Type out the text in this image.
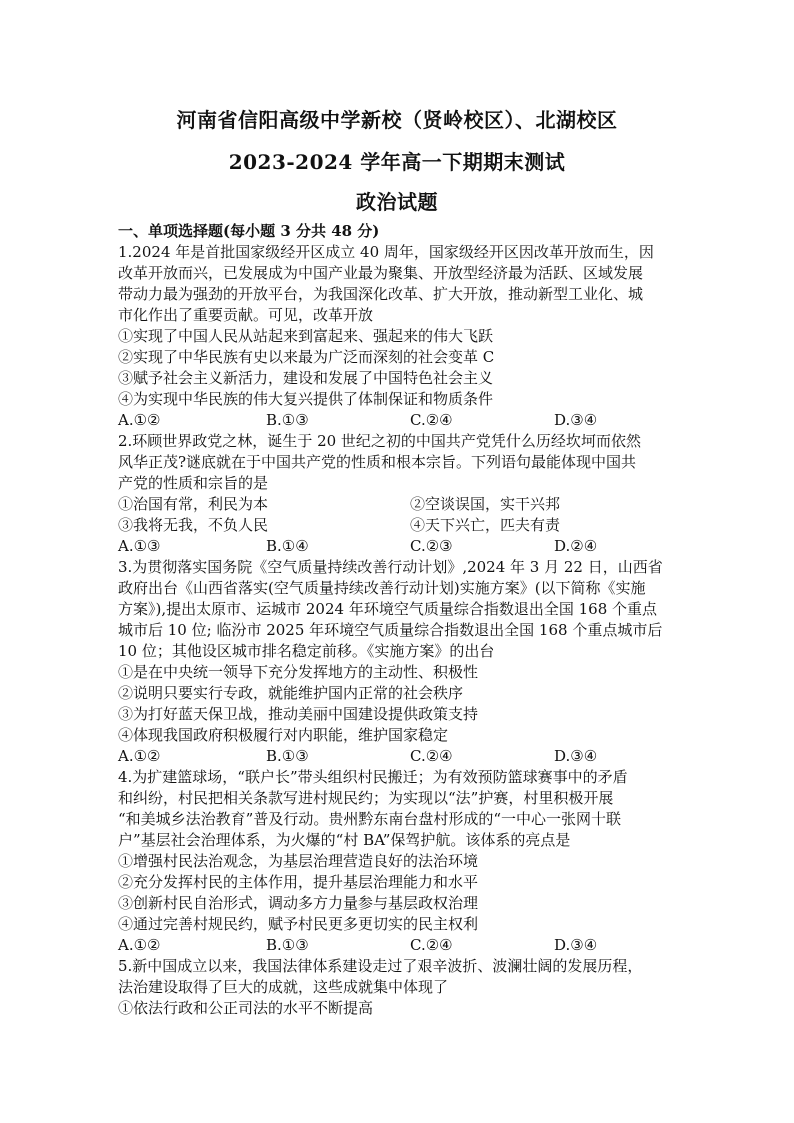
河南省信阳高级中学新校（贤岭校区）、北湖校区
2023-2024 学年高一下期期末测试
政治试题
一、单项选择题(每小题 3 分共 48 分)
1.2024 年是首批国家级经开区成立 40 周年，国家级经开区因改革开放而生，因
改革开放而兴，已发展成为中国产业最为聚集、开放型经济最为活跃、区域发展
带动力最为强劲的开放平台，为我国深化改革、扩大开放，推动新型工业化、城
市化作出了重要贡献。可见，改革开放
①实现了中国人民从站起来到富起来、强起来的伟大飞跃
②实现了中华民族有史以来最为广泛而深刻的社会变革 C
③赋予社会主义新活力，建设和发展了中国特色社会主义
④为实现中华民族的伟大复兴提供了体制保证和物质条件
A.①②	B.①③	C.②④	D.③④
2.环顾世界政党之林，诞生于 20 世纪之初的中国共产党凭什么历经坎坷而依然
风华正茂?谜底就在于中国共产党的性质和根本宗旨。下列语句最能体现中国共
产党的性质和宗旨的是
①治国有常，利民为本	②空谈误国，实干兴邦
③我将无我，不负人民	④天下兴亡，匹夫有责
A.①③	B.①④	C.②③	D.②④
3.为贯彻落实国务院《空气质量持续改善行动计划》,2024 年 3 月 22 日，山西省
政府出台《山西省落实(空气质量持续改善行动计划)实施方案》(以下简称《实施
方案》),提出太原市、运城市 2024 年环境空气质量综合指数退出全国 168 个重点
城市后 10 位; 临汾市 2025 年环境空气质量综合指数退出全国 168 个重点城市后
10 位；其他设区城市排名稳定前移。《实施方案》的出台
①是在中央统一领导下充分发挥地方的主动性、积极性
②说明只要实行专政，就能维护国内正常的社会秩序
③为打好蓝天保卫战，推动美丽中国建设提供政策支持
④体现我国政府积极履行对内职能，维护国家稳定
A.①②	B.①③	C.②④	D.③④
4.为扩建篮球场，“联户长”带头组织村民搬迁；为有效预防篮球赛事中的矛盾
和纠纷，村民把相关条款写进村规民约；为实现以“法”护赛，村里积极开展
“和美城乡法治教育”普及行动。贵州黔东南台盘村形成的“一中心一张网十联
户”基层社会治理体系，为火爆的“村 BA”保驾护航。该体系的亮点是
①增强村民法治观念，为基层治理营造良好的法治环境
②充分发挥村民的主体作用，提升基层治理能力和水平
③创新村民自治形式，调动多方力量参与基层政权治理
④通过完善村规民约，赋予村民更多更切实的民主权利
A.①②	B.①③	C.②④	D.③④
5.新中国成立以来，我国法律体系建设走过了艰辛波折、波澜壮阔的发展历程，
法治建设取得了巨大的成就，这些成就集中体现了
①依法行政和公正司法的水平不断提高
